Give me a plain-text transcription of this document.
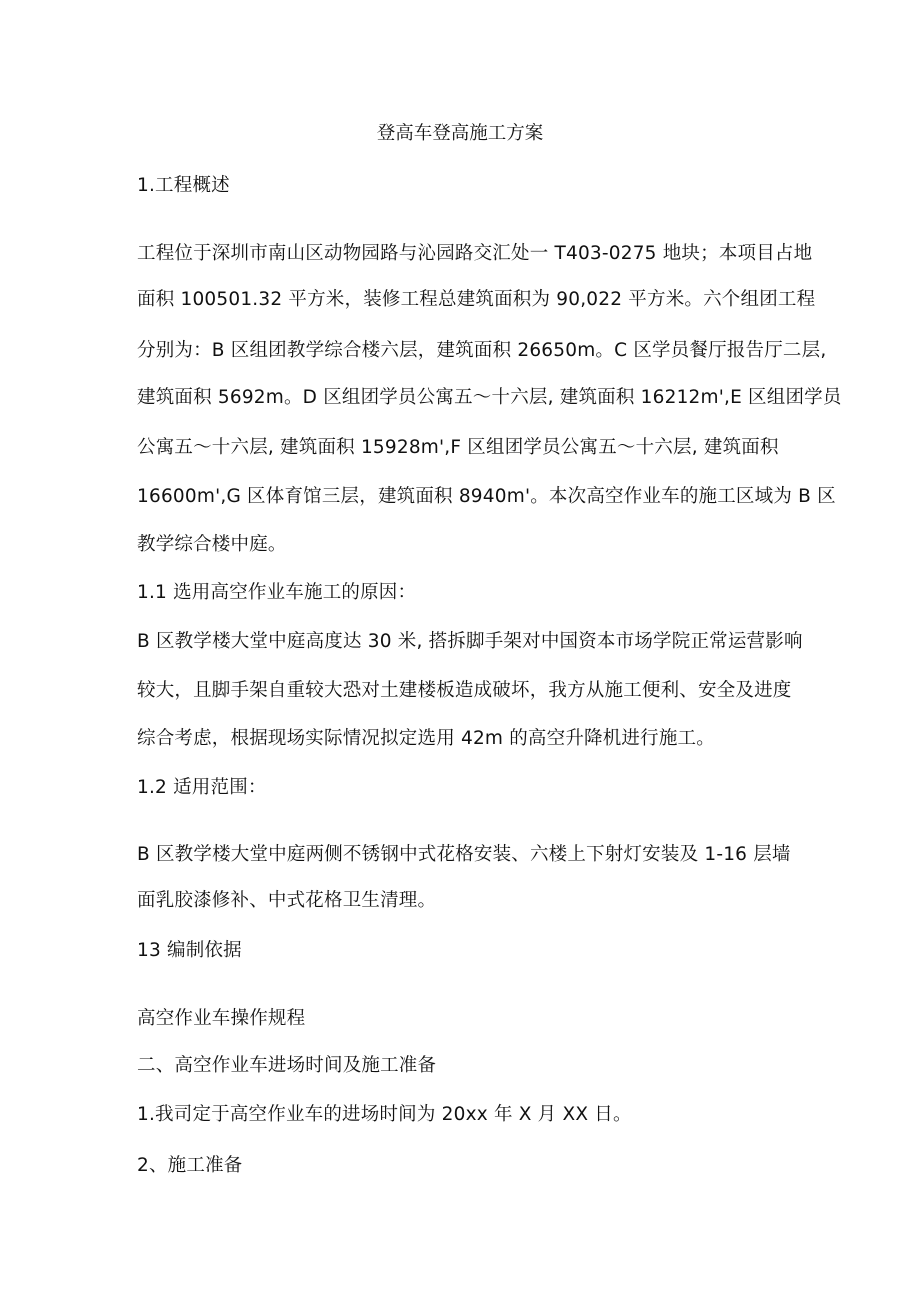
登高车登高施工方案
1.工程概述
工程位于深圳市南山区动物园路与沁园路交汇处一 T403-0275 地块；本项目占地
面积 100501.32 平方米，装修工程总建筑面积为 90,022 平方米。六个组团工程
分别为：B 区组团教学综合楼六层，建筑面积 26650m。C 区学员餐厅报告厅二层,
建筑面积 5692m。D 区组团学员公寓五～十六层, 建筑面积 16212m',E 区组团学员
公寓五～十六层, 建筑面积 15928m',F 区组团学员公寓五～十六层, 建筑面积
16600m',G 区体育馆三层，建筑面积 8940m'。本次高空作业车的施工区域为 B 区
教学综合楼中庭。
1.1 选用高空作业车施工的原因：
B 区教学楼大堂中庭高度达 30 米, 搭拆脚手架对中国资本市场学院正常运营影响
较大，且脚手架自重较大恐对土建楼板造成破坏，我方从施工便利、安全及进度
综合考虑，根据现场实际情况拟定选用 42m 的高空升降机进行施工。
1.2 适用范围：
B 区教学楼大堂中庭两侧不锈钢中式花格安装、六楼上下射灯安装及 1-16 层墙
面乳胶漆修补、中式花格卫生清理。
13 编制依据
高空作业车操作规程
二、高空作业车进场时间及施工准备
1.我司定于高空作业车的进场时间为 20xx 年 X 月 XX 日。
2、施工准备
